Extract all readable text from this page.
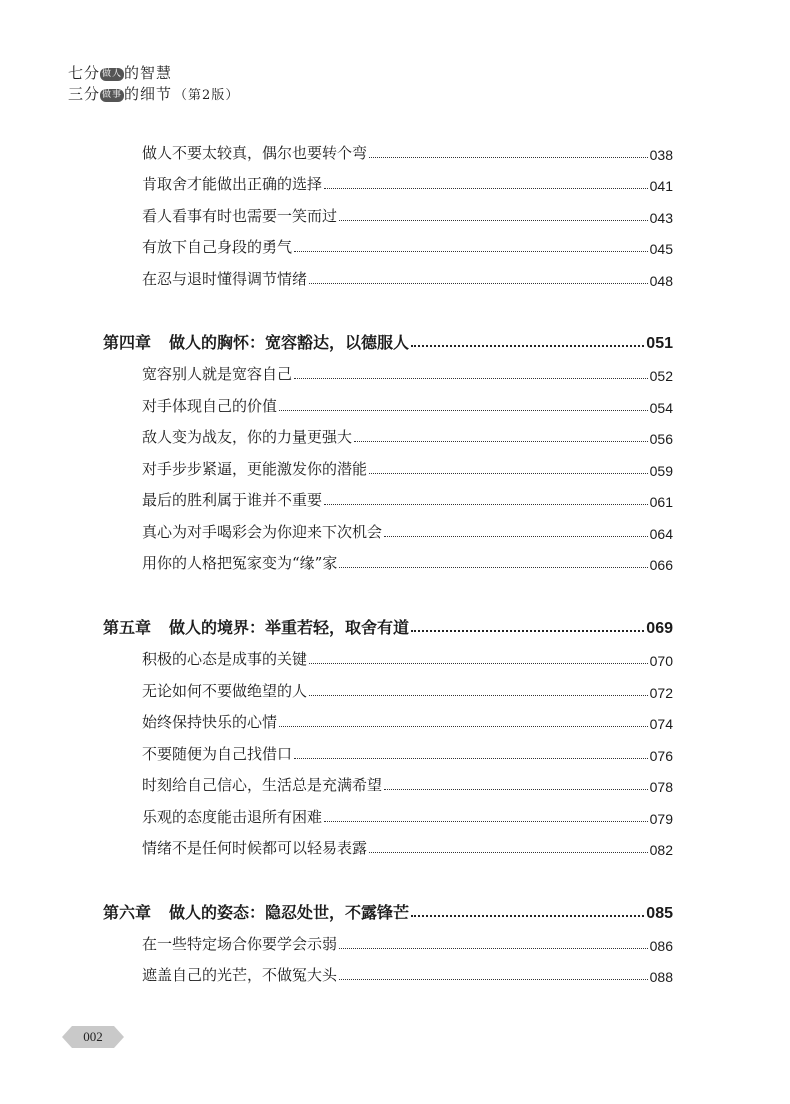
七分 做人 的智慧
三分 做事 的细节 （第2版）
做人不要太较真，偶尔也要转个弯	038
肯取舍才能做出正确的选择	041
看人看事有时也需要一笑而过	043
有放下自己身段的勇气	045
在忍与退时懂得调节情绪	048
第四章 做人的胸怀：宽容豁达，以德服人	051
宽容别人就是宽容自己	052
对手体现自己的价值	054
敌人变为战友，你的力量更强大	056
对手步步紧逼，更能激发你的潜能	059
最后的胜利属于谁并不重要	061
真心为对手喝彩会为你迎来下次机会	064
用你的人格把冤家变为“缘”家	066
第五章 做人的境界：举重若轻，取舍有道	069
积极的心态是成事的关键	070
无论如何不要做绝望的人	072
始终保持快乐的心情	074
不要随便为自己找借口	076
时刻给自己信心，生活总是充满希望	078
乐观的态度能击退所有困难	079
情绪不是任何时候都可以轻易表露	082
第六章 做人的姿态：隐忍处世，不露锋芒	085
在一些特定场合你要学会示弱	086
遮盖自己的光芒，不做冤大头	088
002
